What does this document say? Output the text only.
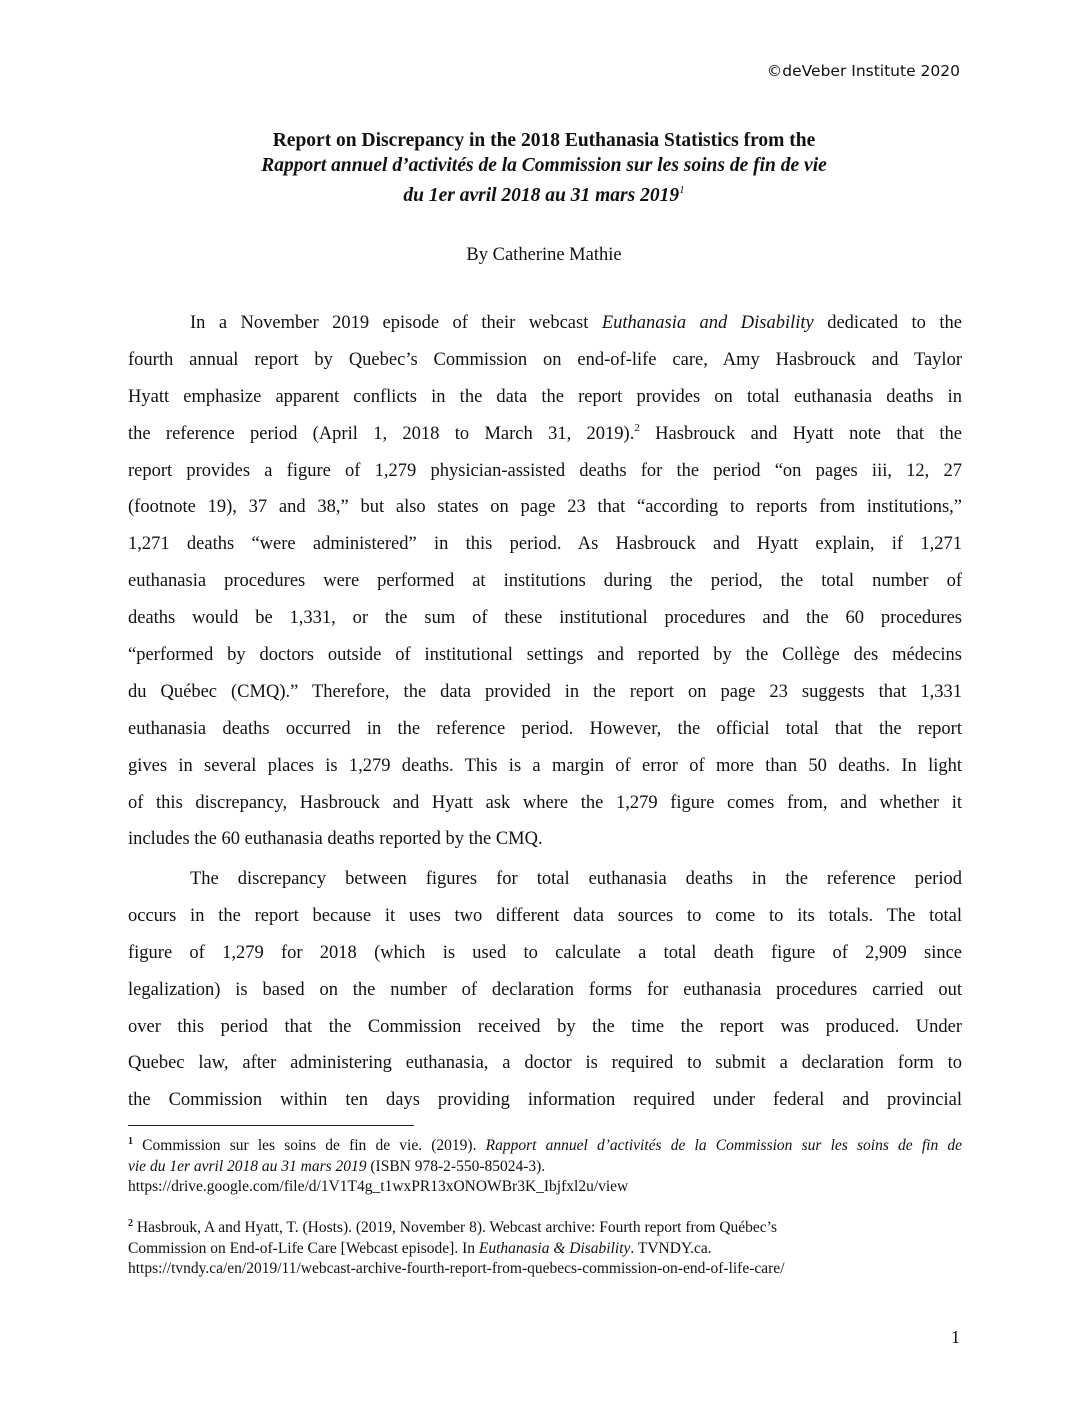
©deVeber Institute 2020
Report on Discrepancy in the 2018 Euthanasia Statistics from the
Rapport annuel d’activités de la Commission sur les soins de fin de vie
du 1er avril 2018 au 31 mars 2019$^1$
By Catherine Mathie
In a November 2019 episode of their webcast Euthanasia and Disability dedicated to the
fourth annual report by Quebec’s Commission on end-of-life care, Amy Hasbrouck and Taylor
Hyatt emphasize apparent conflicts in the data the report provides on total euthanasia deaths in
the reference period (April 1, 2018 to March 31, 2019).$^2$ Hasbrouck and Hyatt note that the
report provides a figure of 1,279 physician-assisted deaths for the period “on pages iii, 12, 27
(footnote 19), 37 and 38,” but also states on page 23 that “according to reports from institutions,”
1,271 deaths “were administered” in this period. As Hasbrouck and Hyatt explain, if 1,271
euthanasia procedures were performed at institutions during the period, the total number of
deaths would be 1,331, or the sum of these institutional procedures and the 60 procedures
“performed by doctors outside of institutional settings and reported by the Collège des médecins
du Québec (CMQ).” Therefore, the data provided in the report on page 23 suggests that 1,331
euthanasia deaths occurred in the reference period. However, the official total that the report
gives in several places is 1,279 deaths. This is a margin of error of more than 50 deaths. In light
of this discrepancy, Hasbrouck and Hyatt ask where the 1,279 figure comes from, and whether it
includes the 60 euthanasia deaths reported by the CMQ.
The discrepancy between figures for total euthanasia deaths in the reference period
occurs in the report because it uses two different data sources to come to its totals. The total
figure of 1,279 for 2018 (which is used to calculate a total death figure of 2,909 since
legalization) is based on the number of declaration forms for euthanasia procedures carried out
over this period that the Commission received by the time the report was produced. Under
Quebec law, after administering euthanasia, a doctor is required to submit a declaration form to
the Commission within ten days providing information required under federal and provincial
$^1$ Commission sur les soins de fin de vie. (2019). Rapport annuel d’activités de la Commission sur les soins de fin de
vie du 1er avril 2018 au 31 mars 2019 (ISBN 978-2-550-85024-3).
https://drive.google.com/file/d/1V1T4g_t1wxPR13xONOWBr3K_Ibjfxl2u/view
$^2$ Hasbrouk, A and Hyatt, T. (Hosts). (2019, November 8). Webcast archive: Fourth report from Québec’s
Commission on End-of-Life Care [Webcast episode]. In Euthanasia & Disability. TVNDY.ca.
https://tvndy.ca/en/2019/11/webcast-archive-fourth-report-from-quebecs-commission-on-end-of-life-care/
1
